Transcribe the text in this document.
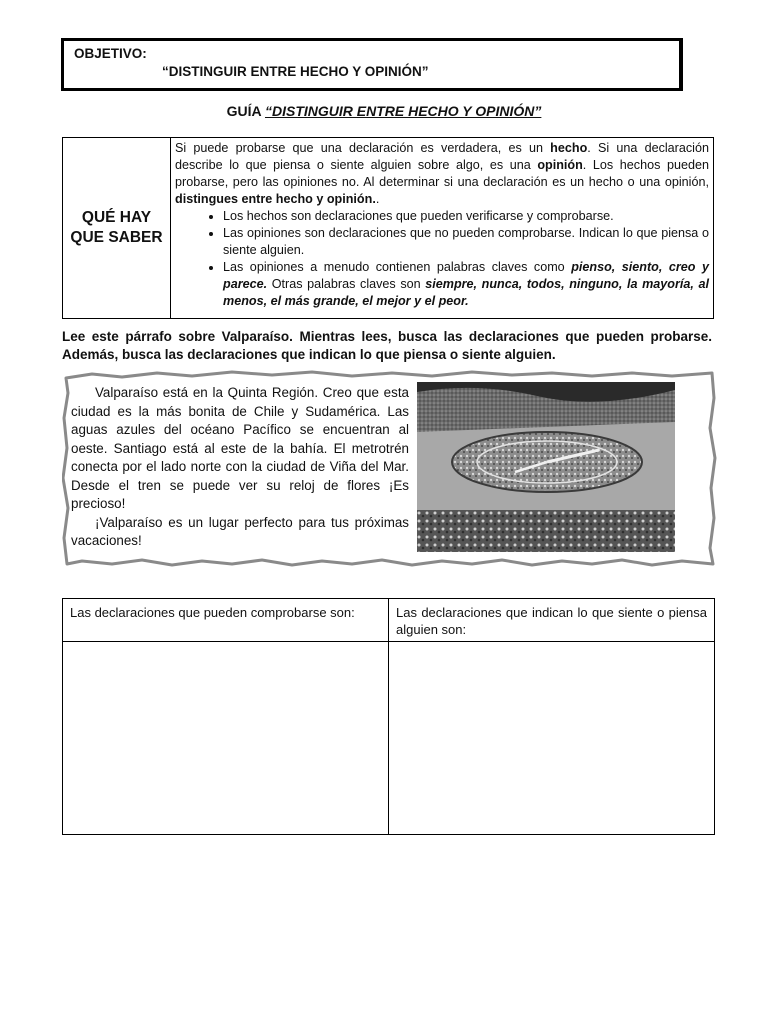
OBJETIVO:
“DISTINGUIR ENTRE HECHO Y OPINIÓN”
GUÍA “DISTINGUIR ENTRE HECHO Y OPINIÓN”
QUÉ HAY
QUE SABER

Si puede probarse que una declaración es verdadera, es un hecho. Si una declaración describe lo que piensa o siente alguien sobre algo, es una opinión. Los hechos pueden probarse, pero las opiniones no. Al determinar si una declaración es un hecho o una opinión, distingues entre hecho y opinión..

• Los hechos son declaraciones que pueden verificarse y comprobarse.
• Las opiniones son declaraciones que no pueden comprobarse. Indican lo que piensa o siente alguien.
• Las opiniones a menudo contienen palabras claves como pienso, siento, creo y parece. Otras palabras claves son siempre, nunca, todos, ninguno, la mayoría, al menos, el más grande, el mejor y el peor.
Lee este párrafo sobre Valparaíso. Mientras lees, busca las declaraciones que pueden probarse. Además, busca las declaraciones que indican lo que piensa o siente alguien.

Valparaíso está en la Quinta Región. Creo que esta ciudad es la más bonita de Chile y Sudamérica. Las aguas azules del océano Pacífico se encuentran al oeste. Santiago está al este de la bahía. El metrotrén conecta por el lado norte con la ciudad de Viña del Mar. Desde el tren se puede ver su reloj de flores ¡Es precioso!

¡Valparaíso es un lugar perfecto para tus próximas vacaciones!

Las declaraciones que pueden comprobarse son:	Las declaraciones que indican lo que siente o piensa alguien son:
